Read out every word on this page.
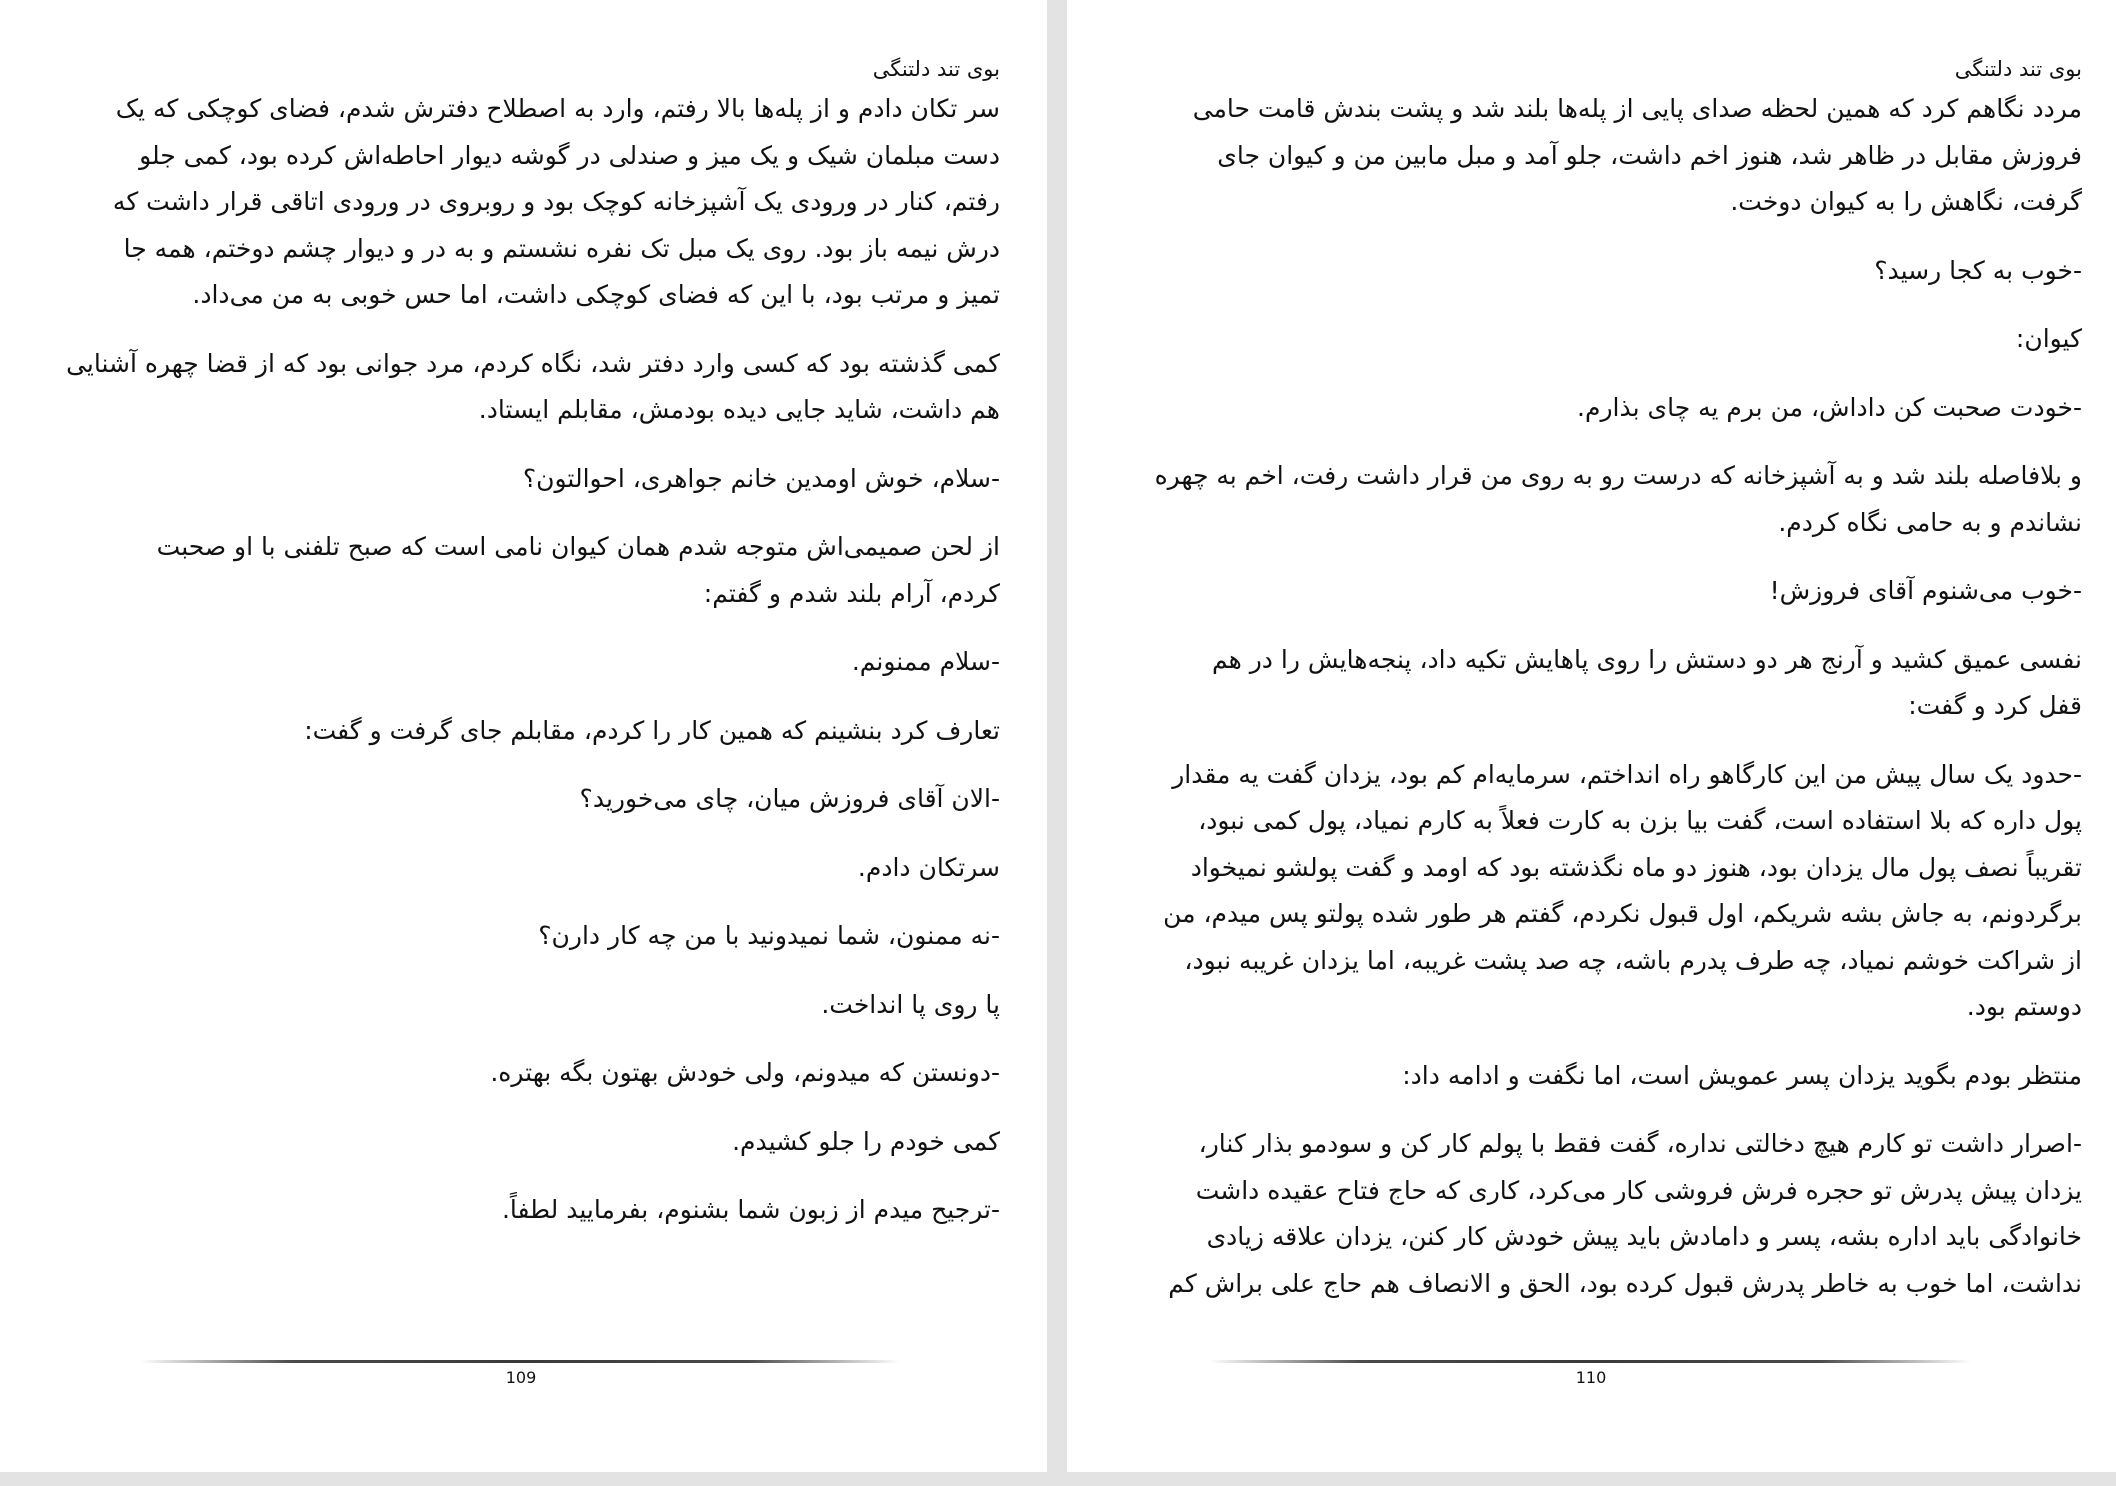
بوی تند دلتنگی

سر تکان دادم و از پله‌ها بالا رفتم، وارد به اصطلاح دفترش شدم، فضای کوچکی که یک
دست مبلمان شیک و یک میز و صندلی در گوشه دیوار احاطه‌اش کرده بود، کمی جلو
رفتم، کنار در ورودی یک آشپزخانه کوچک بود و روبروی در ورودی اتاقی قرار داشت که
درش نیمه باز بود. روی یک مبل تک نفره نشستم و به در و دیوار چشم دوختم، همه جا
تمیز و مرتب بود، با این که فضای کوچکی داشت، اما حس خوبی به من می‌داد.

کمی گذشته بود که کسی وارد دفتر شد، نگاه کردم، مرد جوانی بود که از قضا چهره آشنایی
هم داشت، شاید جایی دیده بودمش، مقابلم ایستاد.

-سلام، خوش اومدین خانم جواهری، احوالتون؟

از لحن صمیمی‌اش متوجه شدم همان کیوان نامی است که صبح تلفنی با او صحبت
کردم، آرام بلند شدم و گفتم:

-سلام ممنونم.

تعارف کرد بنشینم که همین کار را کردم، مقابلم جای گرفت و گفت:

-الان آقای فروزش میان، چای می‌خورید؟

سرتکان دادم.

-نه ممنون، شما نمیدونید با من چه کار دارن؟

پا روی پا انداخت.

-دونستن که میدونم، ولی خودش بهتون بگه بهتره.

کمی خودم را جلو کشیدم.

-ترجیح میدم از زبون شما بشنوم، بفرمایید لطفاً.

109
بوی تند دلتنگی

مردد نگاهم کرد که همین لحظه صدای پایی از پله‌ها بلند شد و پشت بندش قامت حامی
فروزش مقابل در ظاهر شد، هنوز اخم داشت، جلو آمد و مبل مابین من و کیوان جای
گرفت، نگاهش را به کیوان دوخت.

-خوب به کجا رسید؟

کیوان:

-خودت صحبت کن داداش، من برم یه چای بذارم.

و بلافاصله بلند شد و به آشپزخانه که درست رو به روی من قرار داشت رفت، اخم به چهره
نشاندم و به حامی نگاه کردم.

-خوب می‌شنوم آقای فروزش!

نفسی عمیق کشید و آرنج هر دو دستش را روی پاهایش تکیه داد، پنجه‌هایش را در هم
قفل کرد و گفت:

-حدود یک سال پیش من این کارگاهو راه انداختم، سرمایه‌ام کم بود، یزدان گفت یه مقدار
پول داره که بلا استفاده است، گفت بیا بزن به کارت فعلاً به کارم نمیاد، پول کمی نبود،
تقریباً نصف پول مال یزدان بود، هنوز دو ماه نگذشته بود که اومد و گفت پولشو نمیخواد
برگردونم، به جاش بشه شریکم، اول قبول نکردم، گفتم هر طور شده پولتو پس میدم، من
از شراکت خوشم نمیاد، چه طرف پدرم باشه، چه صد پشت غریبه، اما یزدان غریبه نبود،
دوستم بود.

منتظر بودم بگوید یزدان پسر عمویش است، اما نگفت و ادامه داد:

-اصرار داشت تو کارم هیچ دخالتی نداره، گفت فقط با پولم کار کن و سودمو بذار کنار،
یزدان پیش پدرش تو حجره فرش فروشی کار می‌کرد، کاری که حاج فتاح عقیده داشت
خانوادگی باید اداره بشه، پسر و دامادش باید پیش خودش کار کنن، یزدان علاقه زیادی
نداشت، اما خوب به خاطر پدرش قبول کرده بود، الحق و الانصاف هم حاج علی براش کم

110
